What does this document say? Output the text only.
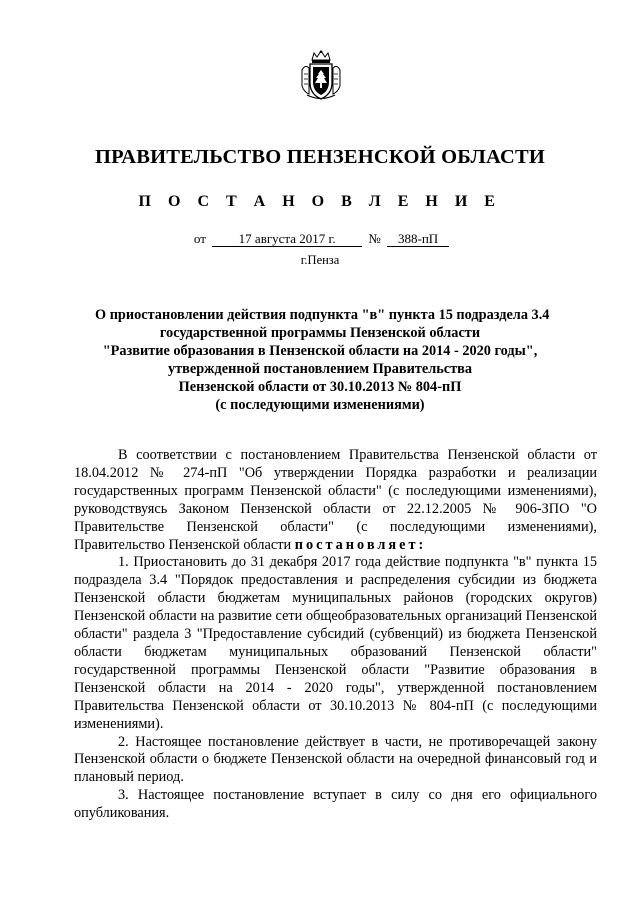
ПРАВИТЕЛЬСТВО ПЕНЗЕНСКОЙ ОБЛАСТИ
П О С Т А Н О В Л Е Н И Е
от	17 августа 2017 г.	№ 388-пП
г.Пенза
О приостановлении действия подпункта "в" пункта 15 подраздела 3.4
государственной программы Пензенской области
"Развитие образования в Пензенской области на 2014 - 2020 годы",
утвержденной постановлением Правительства
Пензенской области от 30.10.2013 № 804-пП
(с последующими изменениями)

В соответствии с постановлением Правительства Пензенской области от 18.04.2012 № 274-пП "Об утверждении Порядка разработки и реализации государственных программ Пензенской области" (с последующими изменениями), руководствуясь Законом Пензенской области от 22.12.2005 № 906-ЗПО "О Правительстве Пензенской области" (с последующими изменениями), Правительство Пензенской области постановляет:

1. Приостановить до 31 декабря 2017 года действие подпункта "в" пункта 15 подраздела 3.4 "Порядок предоставления и распределения субсидии из бюджета Пензенской области бюджетам муниципальных районов (городских округов) Пензенской области на развитие сети общеобразовательных организаций Пензенской области" раздела 3 "Предоставление субсидий (субвенций) из бюджета Пензенской области бюджетам муниципальных образований Пензенской области" государственной программы Пензенской области "Развитие образования в Пензенской области на 2014 - 2020 годы", утвержденной постановлением Правительства Пензенской области от 30.10.2013 № 804-пП (с последующими изменениями).

2. Настоящее постановление действует в части, не противоречащей закону Пензенской области о бюджете Пензенской области на очередной финансовый год и плановый период.

3. Настоящее постановление вступает в силу со дня его официального опубликования.
